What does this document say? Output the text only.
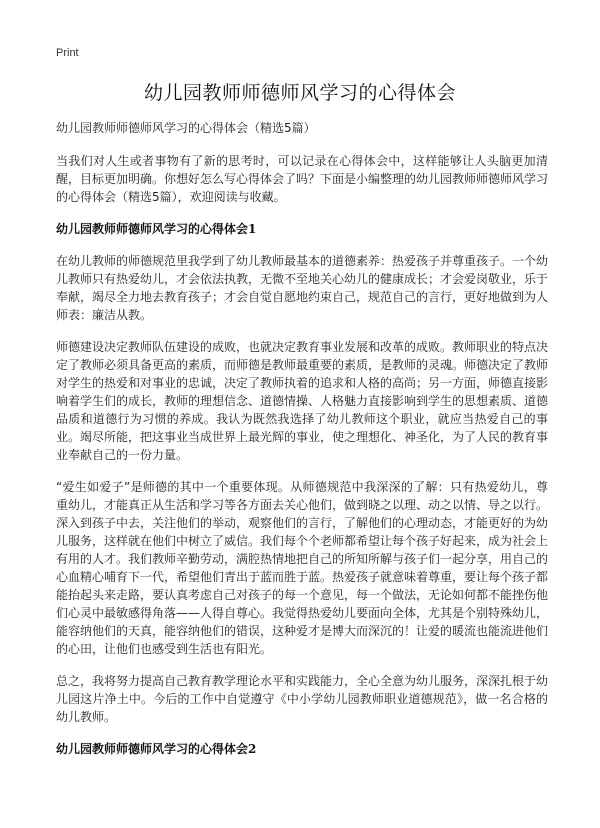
Print
幼儿园教师师德师风学习的心得体会
幼儿园教师师德师风学习的心得体会（精选5篇）

当我们对人生或者事物有了新的思考时，可以记录在心得体会中，这样能够让人头脑更加清醒，目标更加明确。你想好怎么写心得体会了吗？下面是小编整理的幼儿园教师师德师风学习的心得体会（精选5篇），欢迎阅读与收藏。

幼儿园教师师德师风学习的心得体会1

在幼儿教师的师德规范里我学到了幼儿教师最基本的道德素养：热爱孩子并尊重孩子。一个幼儿教师只有热爱幼儿，才会依法执教，无微不至地关心幼儿的健康成长；才会爱岗敬业，乐于奉献，竭尽全力地去教育孩子；才会自觉自愿地约束自己，规范自己的言行，更好地做到为人师表：廉洁从教。

师德建设决定教师队伍建设的成败，也就决定教育事业发展和改革的成败。教师职业的特点决定了教师必须具备更高的素质，而师德是教师最重要的素质，是教师的灵魂。师德决定了教师对学生的热爱和对事业的忠诚，决定了教师执着的追求和人格的高尚；另一方面，师德直接影响着学生们的成长，教师的理想信念、道德情操、人格魅力直接影响到学生的思想素质、道德品质和道德行为习惯的养成。我认为既然我选择了幼儿教师这个职业，就应当热爱自己的事业。竭尽所能，把这事业当成世界上最光辉的事业，使之理想化、神圣化，为了人民的教育事业奉献自己的一份力量。

“爱生如爱子”是师德的其中一个重要体现。从师德规范中我深深的了解：只有热爱幼儿，尊重幼儿，才能真正从生活和学习等各方面去关心他们，做到晓之以理、动之以情、导之以行。深入到孩子中去，关注他们的举动，观察他们的言行，了解他们的心理动态，才能更好的为幼儿服务，这样就在他们中树立了威信。我们每个个老师都希望让每个孩子好起来，成为社会上有用的人才。我们教师辛勤劳动，满腔热情地把自己的所知所解与孩子们一起分享，用自己的心血精心哺育下一代，希望他们青出于蓝而胜于蓝。热爱孩子就意味着尊重，要让每个孩子都能抬起头来走路，要认真考虑自己对孩子的每一个意见，每一个做法，无论如何都不能挫伤他们心灵中最敏感得角落——人得自尊心。我觉得热爱幼儿要面向全体，尤其是个别特殊幼儿，能容纳他们的天真，能容纳他们的错误，这种爱才是博大而深沉的！让爱的暖流也能流进他们的心田，让他们也感受到生活也有阳光。

总之，我将努力提高自己教育教学理论水平和实践能力，全心全意为幼儿服务，深深扎根于幼儿园这片净土中。今后的工作中自觉遵守《中小学幼儿园教师职业道德规范》，做一名合格的幼儿教师。

幼儿园教师师德师风学习的心得体会2
